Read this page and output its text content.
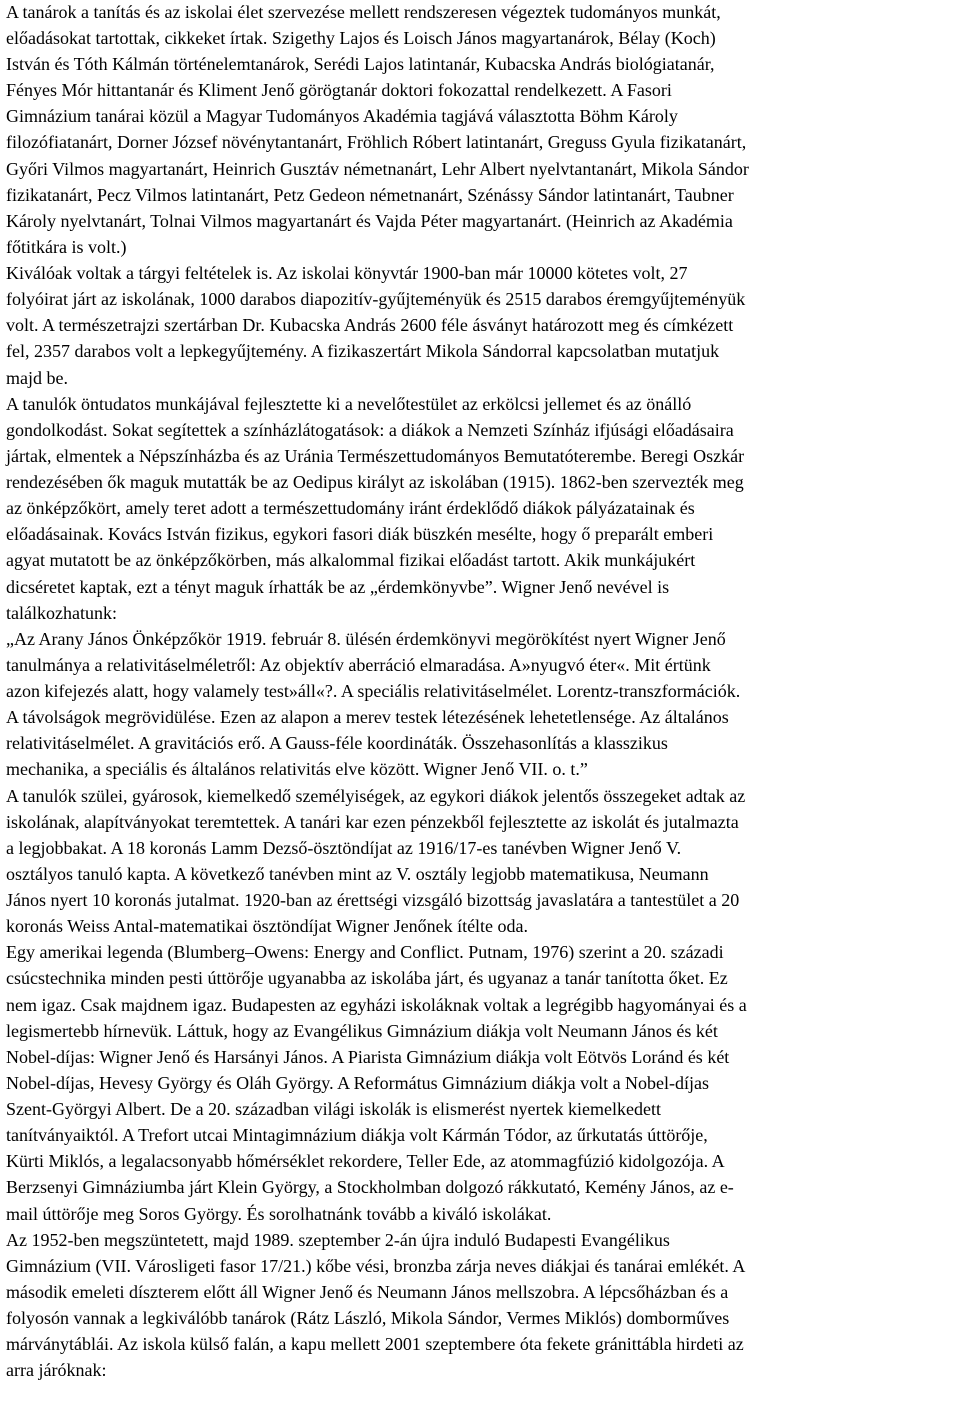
A tanárok a tanítás és az iskolai élet szervezése mellett rendszeresen végeztek tudományos munkát,
előadásokat tartottak, cikkeket írtak. Szigethy Lajos és Loisch János magyartanárok, Bélay (Koch)
István és Tóth Kálmán történelemtanárok, Serédi Lajos latintanár, Kubacska András biológiatanár,
Fényes Mór hittantanár és Kliment Jenő görögtanár doktori fokozattal rendelkezett. A Fasori
Gimnázium tanárai közül a Magyar Tudományos Akadémia tagjává választotta Böhm Károly
filozófiatanárt, Dorner József növénytantanárt, Fröhlich Róbert latintanárt, Greguss Gyula fizikatanárt,
Győri Vilmos magyartanárt, Heinrich Gusztáv németnanárt, Lehr Albert nyelvtantanárt, Mikola Sándor
fizikatanárt, Pecz Vilmos latintanárt, Petz Gedeon németnanárt, Szénássy Sándor latintanárt, Taubner
Károly nyelvtanárt, Tolnai Vilmos magyartanárt és Vajda Péter magyartanárt. (Heinrich az Akadémia
főtitkára is volt.)
Kiválóak voltak a tárgyi feltételek is. Az iskolai könyvtár 1900-ban már 10000 kötetes volt, 27
folyóirat járt az iskolának, 1000 darabos diapozitív-gyűjteményük és 2515 darabos éremgyűjteményük
volt. A természetrajzi szertárban Dr. Kubacska András 2600 féle ásványt határozott meg és címkézett
fel, 2357 darabos volt a lepkegyűjtemény. A fizikaszertárt Mikola Sándorral kapcsolatban mutatjuk
majd be.
A tanulók öntudatos munkájával fejlesztette ki a nevelőtestület az erkölcsi jellemet és az önálló
gondolkodást. Sokat segítettek a színházlátogatások: a diákok a Nemzeti Színház ifjúsági előadásaira
jártak, elmentek a Népszínházba és az Uránia Természettudományos Bemutatóterembe. Beregi Oszkár
rendezésében ők maguk mutatták be az Oedipus királyt az iskolában (1915). 1862-ben szervezték meg
az önképzőkört, amely teret adott a természettudomány iránt érdeklődő diákok pályázatainak és
előadásainak. Kovács István fizikus, egykori fasori diák büszkén mesélte, hogy ő preparált emberi
agyat mutatott be az önképzőkörben, más alkalommal fizikai előadást tartott. Akik munkájukért
dicséretet kaptak, ezt a tényt maguk írhatták be az „érdemkönyvbe”. Wigner Jenő nevével is
találkozhatunk:
„Az Arany János Önképzőkör 1919. február 8. ülésén érdemkönyvi megörökítést nyert Wigner Jenő
tanulmánya a relativitáselméletről: Az objektív aberráció elmaradása. A»nyugvó éter«. Mit értünk
azon kifejezés alatt, hogy valamely test»áll«?. A speciális relativitáselmélet. Lorentz-transzformációk.
A távolságok megrövidülése. Ezen az alapon a merev testek létezésének lehetetlensége. Az általános
relativitáselmélet. A gravitációs erő. A Gauss-féle koordináták. Összehasonlítás a klasszikus
mechanika, a speciális és általános relativitás elve között. Wigner Jenő VII. o. t.”
A tanulók szülei, gyárosok, kiemelkedő személyiségek, az egykori diákok jelentős összegeket adtak az
iskolának, alapítványokat teremtettek. A tanári kar ezen pénzekből fejlesztette az iskolát és jutalmazta
a legjobbakat. A 18 koronás Lamm Dezső-ösztöndíjat az 1916/17-es tanévben Wigner Jenő V.
osztályos tanuló kapta. A következő tanévben mint az V. osztály legjobb matematikusa, Neumann
János nyert 10 koronás jutalmat. 1920-ban az érettségi vizsgáló bizottság javaslatára a tantestület a 20
koronás Weiss Antal-matematikai ösztöndíjat Wigner Jenőnek ítélte oda.
Egy amerikai legenda (Blumberg–Owens: Energy and Conflict. Putnam, 1976) szerint a 20. századi
csúcstechnika minden pesti úttörője ugyanabba az iskolába járt, és ugyanaz a tanár tanította őket. Ez
nem igaz. Csak majdnem igaz. Budapesten az egyházi iskoláknak voltak a legrégibb hagyományai és a
legismertebb hírnevük. Láttuk, hogy az Evangélikus Gimnázium diákja volt Neumann János és két
Nobel-díjas: Wigner Jenő és Harsányi János. A Piarista Gimnázium diákja volt Eötvös Loránd és két
Nobel-díjas, Hevesy György és Oláh György. A Református Gimnázium diákja volt a Nobel-díjas
Szent-Györgyi Albert. De a 20. században világi iskolák is elismerést nyertek kiemelkedett
tanítványaiktól. A Trefort utcai Mintagimnázium diákja volt Kármán Tódor, az űrkutatás úttörője,
Kürti Miklós, a legalacsonyabb hőmérséklet rekordere, Teller Ede, az atommagfúzió kidolgozója. A
Berzsenyi Gimnáziumba járt Klein György, a Stockholmban dolgozó rákkutató, Kemény János, az e-
mail úttörője meg Soros György. És sorolhatnánk tovább a kiváló iskolákat.
Az 1952-ben megszüntetett, majd 1989. szeptember 2-án újra induló Budapesti Evangélikus
Gimnázium (VII. Városligeti fasor 17/21.) kőbe vési, bronzba zárja neves diákjai és tanárai emlékét. A
második emeleti díszterem előtt áll Wigner Jenő és Neumann János mellszobra. A lépcsőházban és a
folyosón vannak a legkiválóbb tanárok (Rátz László, Mikola Sándor, Vermes Miklós) domborműves
márványtáblái. Az iskola külső falán, a kapu mellett 2001 szeptembere óta fekete gránittábla hirdeti az
arra járóknak:
